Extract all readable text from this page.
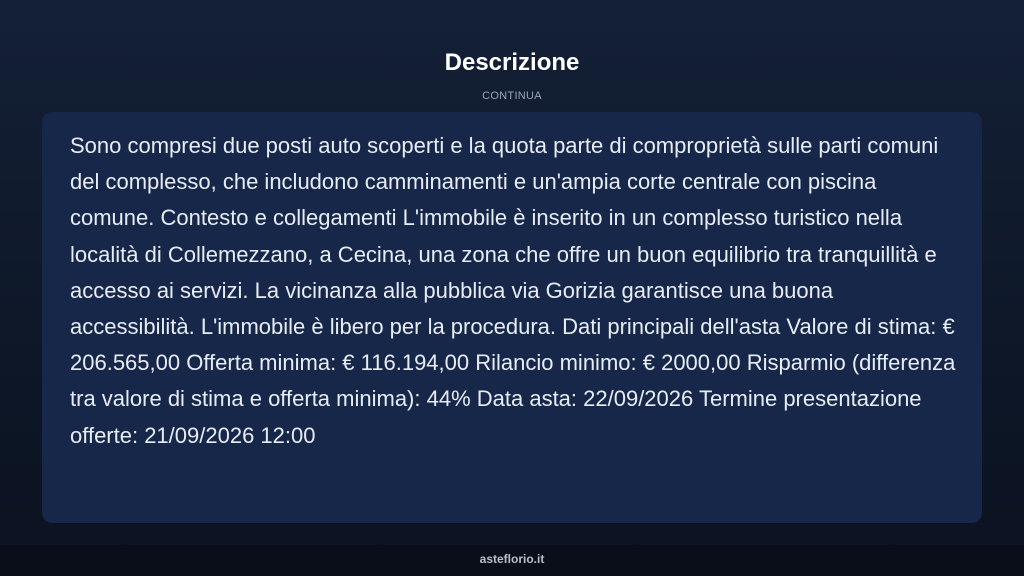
Descrizione
CONTINUA

Sono compresi due posti auto scoperti e la quota parte di comproprietà sulle parti comuni del complesso, che includono camminamenti e un'ampia corte centrale con piscina comune. Contesto e collegamenti L'immobile è inserito in un complesso turistico nella località di Collemezzano, a Cecina, una zona che offre un buon equilibrio tra tranquillità e accesso ai servizi. La vicinanza alla pubblica via Gorizia garantisce una buona accessibilità. L'immobile è libero per la procedura. Dati principali dell'asta Valore di stima: € 206.565,00 Offerta minima: € 116.194,00 Rilancio minimo: € 2000,00 Risparmio (differenza tra valore di stima e offerta minima): 44% Data asta: 22/09/2026 Termine presentazione offerte: 21/09/2026 12:00

asteflorio.it
